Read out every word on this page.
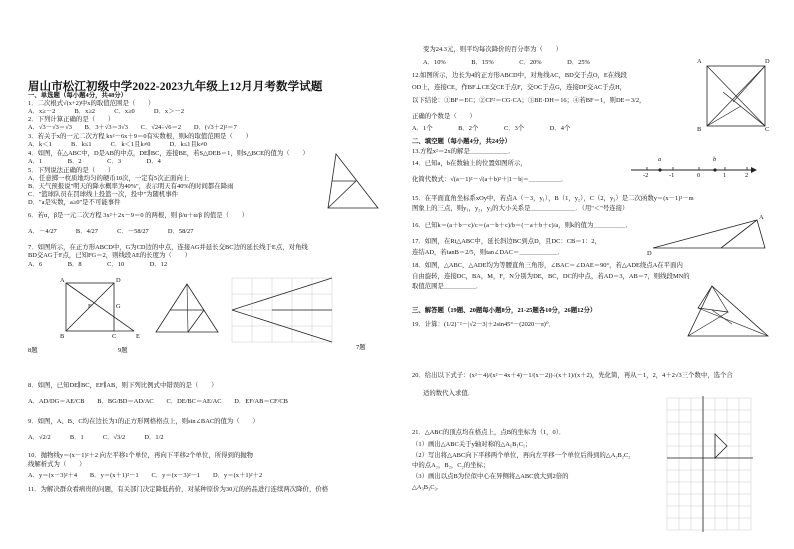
眉山市松江初级中学2022-2023九年级上12月月考数学试题
一、单选题（每小题4分，共48分）
1．二次根式√(x+2)中x的取值范围是（　　）
A．x≥－2　　　B．x≥2　　　C．x≥0　　　D．x＞－2
2．下列计算正确的是（　　）
A．√3－√3＝√3　　B．3＋√3＝3√3　　C．√24÷√6＝2　　D．(√3＋2)²＝7
3．若关于x的一元二次方程 kx²－6x＋9＝0有实数根，则k的取值范围是（　　）
A．k＜1　　　B．k≤1　　　C．k＜1且k≠0　　　D．k≤1且k≠0
4．如图，在△ABC中，D是AB的中点，DE∥BC，连接BE，若S△DEB＝1，则S△BCE的值为（　　）
A．1　　　　B．2　　　　C．3　　　　D．4
5．下列说法正确的是（　　）
A．任意掷一枚质地均匀的硬币10次，一定有5次正面向上
B．天气预报说"明天的降水概率为40%"，表示明天有40%的时间都在降雨
C．"篮球队员在罚球线上投篮一次，投中"为随机事件
D．"a是实数，a≥0"是不可能事件
6．若α，β是一元二次方程 3x²＋2x－9＝0 的两根，则 β/α＋α/β 的值是（　　）
A．－4/27　　　B．4/27　　　C．－58/27　　　D．58/27
7．如图所示，在正方形ABCD中，G为CD边的中点，连接AG并延长交BC边的延长线于E点，对角线
BD交AG于F点，已知FG＝2，则线段AE的长度为（　　）
A．6　　　　B．8　　　　C．10　　　　D．12
A	D
B	C	E
F	G
7题
8题	9题
8．如图，已知DE∥BC，EF∥AB，则下列比例式中错误的是（　　）
A．AD/DG＝AE/CB　　B．BG/BD＝AD/AC　　C．DE/BC＝AE/AC　　D．EF/AB＝CF/CB
9．如图，A、B、C均在边长为1的正方形网格格点上，则sin∠BAC的值为（　　）
A．√2/2　　　B．1　　　C．√3/2　　　D．1/2
10．抛物线y＝(x－1)²＋2 向左平移1个单位，再向下平移2个单位，所得到的抛物
线解析式为（　　）
A．y＝(x－3)²＋4　　B．y＝(x＋1)²－1　　C．y＝(x－3)²－1　　D．y＝(x＋1)²＋2
11．为解决群众看病贵的问题，有关部门决定降低药价，对某种原价为30元的药品进行连续两次降价，价格
变为24.3元，则平均每次降价的百分率为（　　）
A．10%　　　　B．15%　　　　C．20%　　　　D．25%
12.如图所示，边长为4的正方形ABCD中，对角线AC，BD交于点O，E在线段
OD上，连接CE，作BF⊥CE交CE于点F，交OC于点G，连接DF交AC于点H，
以下结论：①BF＝EC；②CF²＝CG·CA；③BE·DH＝16；④若BF＝1，则DE＝3/2，
正确的个数是（　　）
A．1个　　　　B．2个　　　　C．3个　　　　D．4个
二、填空题（每小题4分，共24分）
13.方程x²＝2x的解是＿＿＿＿＿＿．
14．已知a，b在数轴上的位置如图所示，
化简代数式：√(a－1)²－√(a＋b)²＋|1－b|＝＿＿＿＿＿．
15．在平面直角坐标系xOy中，若点A（－3，y₁），B（1，y₂），C（2，y₃）是二次函数y＝(x－1)²－m
图象上的三点，则y₁，y₂，y₃的大小关系是＿＿＿＿＿＿＿．（用"＜"号连接）
16．已知k＝(a＋b－c)/c＝(a－b＋c)/b＝(－a＋b＋c)/a，则k的值为＿＿＿＿＿．
17．如图，在Rt△ABC中，延长斜边BC到点D，且DC：CB＝1：2，
连结AD，若tanB＝2/5，则tan∠DAC＝＿＿＿＿＿＿．
18．如图，△ABC，△ADE均为等腰直角三角形，∠BAC＝∠DAE＝90°，若△ADE绕点A在平面内
自由旋转，连接DC，BA，M，F，N分别为DE，BC，DC的中点，若AD＝3，AB＝7，则线段MN的
取值范围是＿＿＿＿＿．
三、解答题（19题、20题每小题8分，21-25题各10分，26题12分）
19．计算：(1/2)⁻²－|√2－3|＋2sin45°－(2020－π)⁰．
20．给出以下式子：(x²－4)/(x²－4x＋4)－1/(x－2))÷(x＋1)/(x＋2)，先化简，再从－1，2，4＋2√3三个数中，选个合
适的数代入求值．
21．△ABC的顶点均在格点上，点B的坐标为（1，0）．
（1）画出△ABC关于y轴对称的△A₁B₁C₁；
（2）写出将△ABC向下平移两个单位，再向左平移一个单位后得到的△A₂B₂C₂
中的点A₂，B₂，C₂的坐标；
（3）画出以点B为位似中心在异侧将△ABC放大到2倍的
△A₃B₃C₃．
A	D
B	C
a	b
-2	-1	0	1	2
A
D
